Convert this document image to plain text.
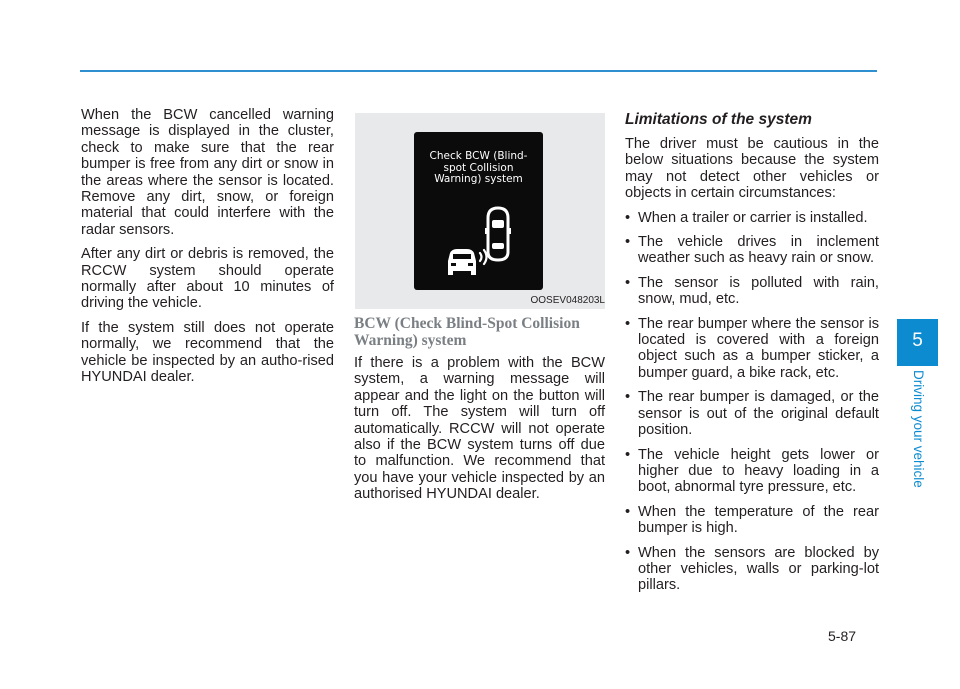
When the BCW cancelled warning message is displayed in the cluster, check to make sure that the rear bumper is free from any dirt or snow in the areas where the sensor is located. Remove any dirt, snow, or foreign material that could interfere with the radar sensors.

After any dirt or debris is removed, the RCCW system should operate normally after about 10 minutes of driving the vehicle.

If the system still does not operate normally, we recommend that the vehicle be inspected by an autho-rised HYUNDAI dealer.

Check BCW (Blind-
spot Collision
Warning) system
OOSEV048203L
BCW (Check Blind-Spot Collision Warning) system

If there is a problem with the BCW system, a warning message will appear and the light on the button will turn off. The system will turn off automatically. RCCW will not operate also if the BCW system turns off due to malfunction. We recommend that you have your vehicle inspected by an authorised HYUNDAI dealer.

Limitations of the system

The driver must be cautious in the below situations because the system may not detect other vehicles or objects in certain circumstances:

• When a trailer or carrier is installed.
• The vehicle drives in inclement weather such as heavy rain or snow.
• The sensor is polluted with rain, snow, mud, etc.
• The rear bumper where the sensor is located is covered with a foreign object such as a bumper sticker, a bumper guard, a bike rack, etc.
• The rear bumper is damaged, or the sensor is out of the original default position.
• The vehicle height gets lower or higher due to heavy loading in a boot, abnormal tyre pressure, etc.
• When the temperature of the rear bumper is high.
• When the sensors are blocked by other vehicles, walls or parking-lot pillars.
5
Driving your vehicle
5-87
